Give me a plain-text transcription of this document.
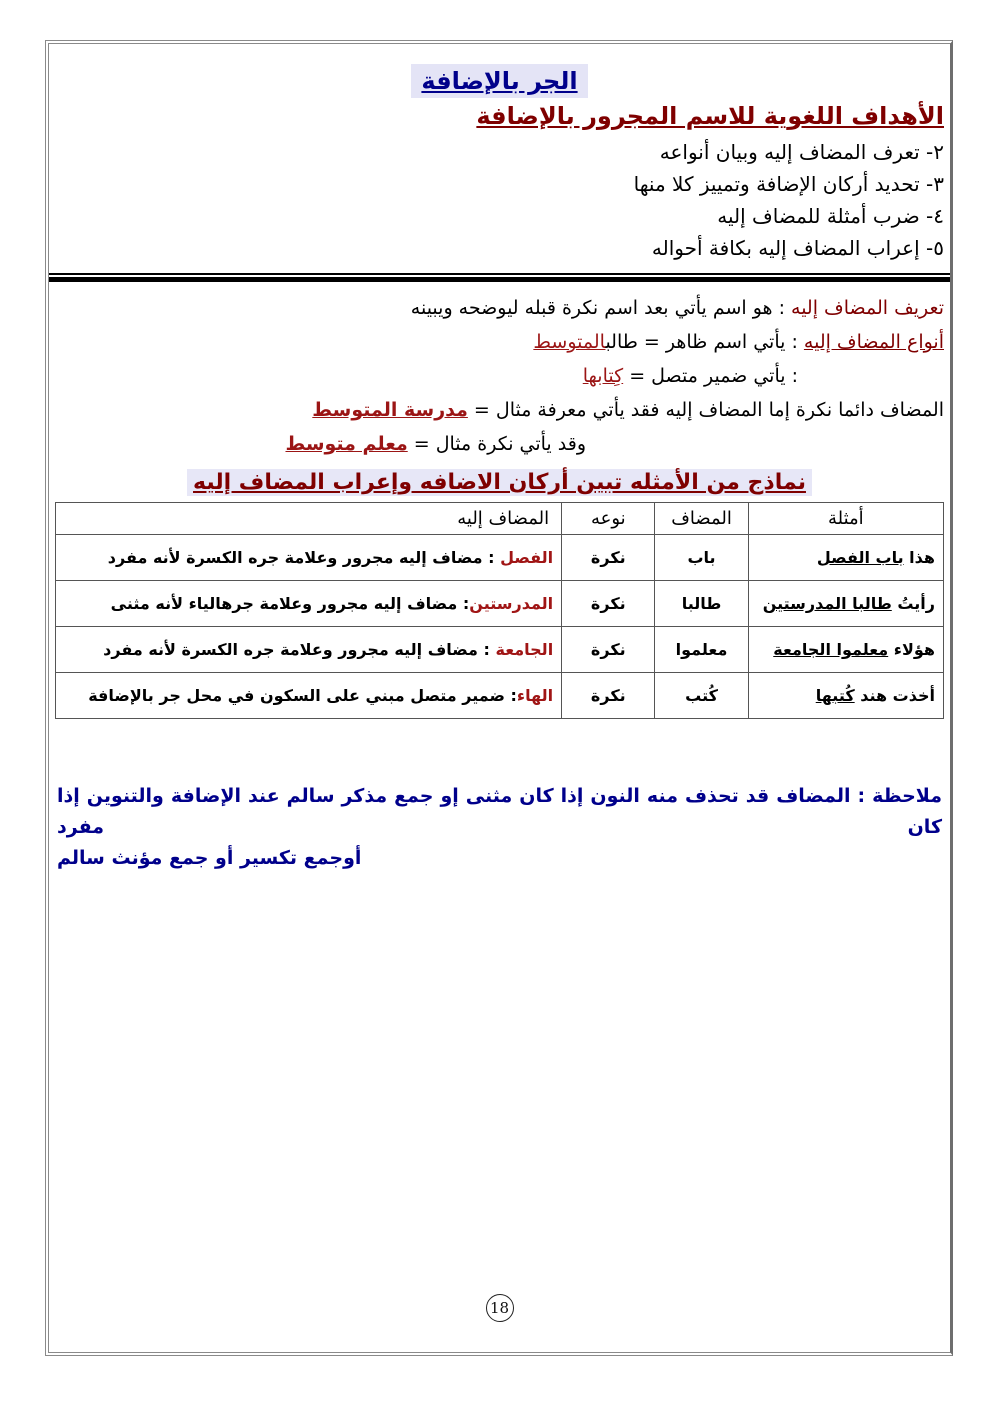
الجر بالإضافة
الأهداف اللغوية للاسم المجرور بالإضافة
٢- تعرف المضاف إليه وبيان أنواعه
٣- تحديد أركان الإضافة وتمييز كلا منها
٤- ضرب أمثلة للمضاف إليه
٥- إعراب المضاف إليه بكافة أحواله
تعريف المضاف إليه : هو اسم يأتي بعد اسم نكرة قبله ليوضحه ويبينه
أنواع المضاف إليه : يأتي اسم ظاهر = طالبالمتوسط
: يأتي ضمير متصل = كِتابها
المضاف دائما نكرة إما المضاف إليه فقد يأتي معرفة مثال = مدرسة المتوسط
وقد يأتي نكرة مثال = معلم متوسط
نماذج من الأمثله تبين أركان الاضافه وإعراب المضاف إليه
أمثلة	المضاف	نوعه	المضاف إليه
هذا باب الفصل	باب	نكرة	الفصل : مضاف إليه مجرور وعلامة جره الكسرة لأنه مفرد
رأيتُ طالبا المدرستين	طالبا	نكرة	المدرستين: مضاف إليه مجرور وعلامة جرهالياء لأنه مثنى
هؤلاء معلموا الجامعة	معلموا	نكرة	الجامعة : مضاف إليه مجرور وعلامة جره الكسرة لأنه مفرد
أخذت هند كُتبها	كُتب	نكرة	الهاء: ضمير متصل مبني على السكون في محل جر بالإضافة
ملاحظة : المضاف قد تحذف منه النون إذا كان مثنى إو جمع مذكر سالم عند الإضافة والتنوين إذا كان مفرد
أوجمع تكسير أو جمع مؤنث سالم
18
